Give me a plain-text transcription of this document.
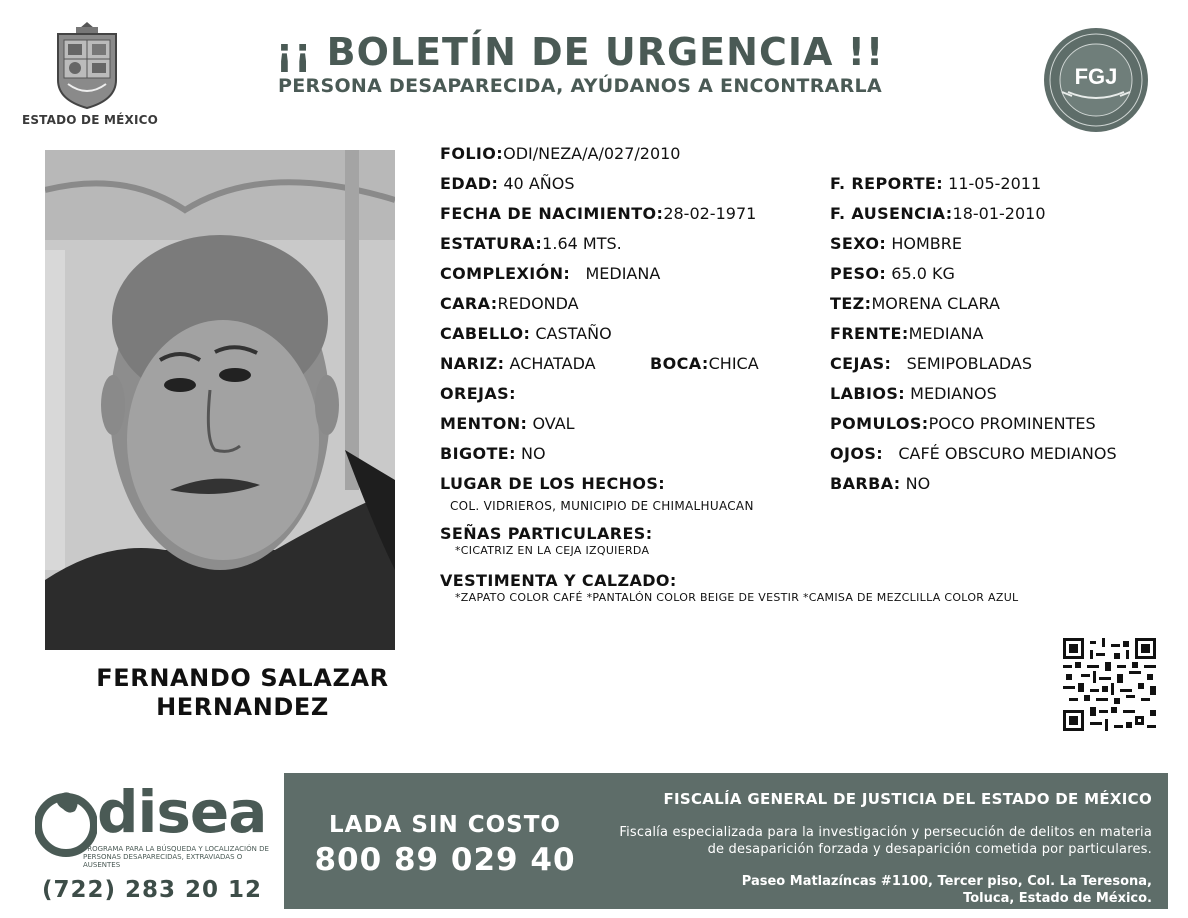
ESTADO DE MÉXICO
¡¡ BOLETÍN DE URGENCIA !!
PERSONA DESAPARECIDA, AYÚDANOS A ENCONTRARLA	FGJ
FERNANDO SALAZAR
HERNANDEZ
FOLIO:ODI/NEZA/A/027/2010
EDAD: 40 AÑOS
FECHA DE NACIMIENTO:28-02-1971
ESTATURA:1.64 MTS.
COMPLEXIÓN: MEDIANA
CARA:REDONDA
CABELLO: CASTAÑO
NARIZ: ACHATADA	BOCA:CHICA
OREJAS:
MENTON: OVAL
BIGOTE: NO
LUGAR DE LOS HECHOS:
COL. VIDRIEROS, MUNICIPIO DE CHIMALHUACAN
SEÑAS PARTICULARES:
*CICATRIZ EN LA CEJA IZQUIERDA
VESTIMENTA Y CALZADO:
*ZAPATO COLOR CAFÉ *PANTALÓN COLOR BEIGE DE VESTIR *CAMISA DE MEZCLILLA COLOR AZUL
F. REPORTE: 11-05-2011
F. AUSENCIA:18-01-2010
SEXO: HOMBRE
PESO: 65.0 KG
TEZ:MORENA CLARA
FRENTE:MEDIANA
CEJAS: SEMIPOBLADAS
LABIOS: MEDIANOS
POMULOS:POCO PROMINENTES
OJOS: CAFÉ OBSCURO MEDIANOS
BARBA: NO
disea
PROGRAMA PARA LA BÚSQUEDA Y LOCALIZACIÓN DE PERSONAS DESAPARECIDAS, EXTRAVIADAS O AUSENTES
(722) 283 20 12
LADA SIN COSTO
800 89 029 40
FISCALÍA GENERAL DE JUSTICIA DEL ESTADO DE MÉXICO
Fiscalía especializada para la investigación y persecución de delitos en materia de desaparición forzada y desaparición cometida por particulares.
Paseo Matlazíncas #1100, Tercer piso, Col. La Teresona,
Toluca, Estado de México.
